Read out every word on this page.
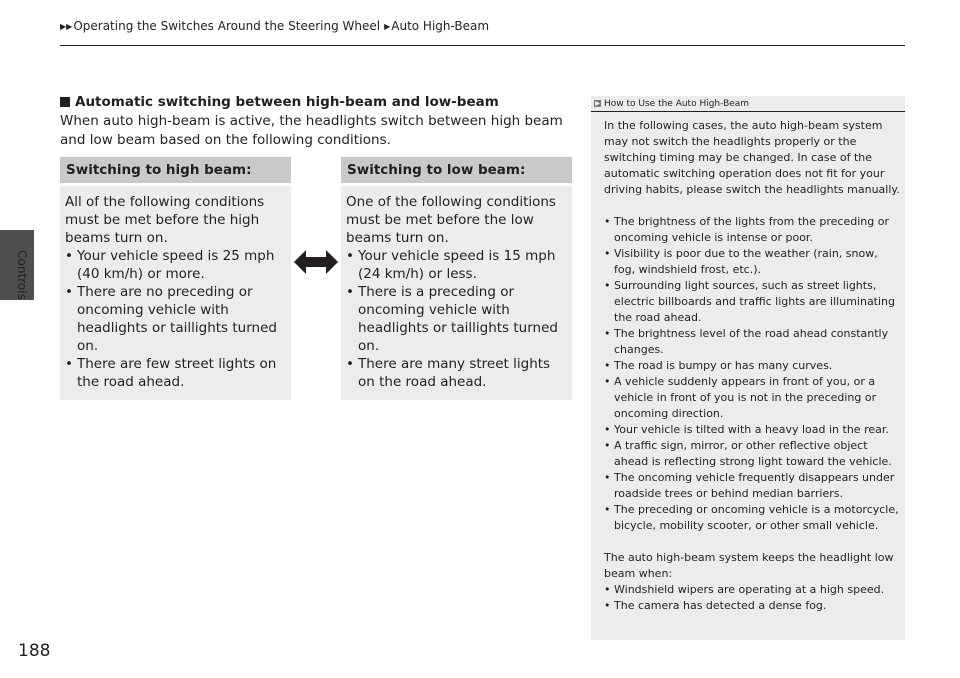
▶▶ Operating the Switches Around the Steering Wheel ▶ Auto High-Beam
Controls
Automatic switching between high-beam and low-beam
When auto high-beam is active, the headlights switch between high beam and low beam based on the following conditions.
Switching to high beam:
All of the following conditions must be met before the high beams turn on.
• Your vehicle speed is 25 mph (40 km/h) or more.
• There are no preceding or oncoming vehicle with headlights or taillights turned on.
• There are few street lights on the road ahead.
Switching to low beam:
One of the following conditions must be met before the low beams turn on.
• Your vehicle speed is 15 mph (24 km/h) or less.
• There is a preceding or oncoming vehicle with headlights or taillights turned on.
• There are many street lights on the road ahead.
▶ How to Use the Auto High-Beam

In the following cases, the auto high-beam system may not switch the headlights properly or the switching timing may be changed. In case of the automatic switching operation does not fit for your driving habits, please switch the headlights manually.

• The brightness of the lights from the preceding or oncoming vehicle is intense or poor.
• Visibility is poor due to the weather (rain, snow, fog, windshield frost, etc.).
• Surrounding light sources, such as street lights, electric billboards and traffic lights are illuminating the road ahead.
• The brightness level of the road ahead constantly changes.
• The road is bumpy or has many curves.
• A vehicle suddenly appears in front of you, or a vehicle in front of you is not in the preceding or oncoming direction.
• Your vehicle is tilted with a heavy load in the rear.
• A traffic sign, mirror, or other reflective object ahead is reflecting strong light toward the vehicle.
• The oncoming vehicle frequently disappears under roadside trees or behind median barriers.
• The preceding or oncoming vehicle is a motorcycle, bicycle, mobility scooter, or other small vehicle.

The auto high-beam system keeps the headlight low beam when:

• Windshield wipers are operating at a high speed.
• The camera has detected a dense fog.
188
